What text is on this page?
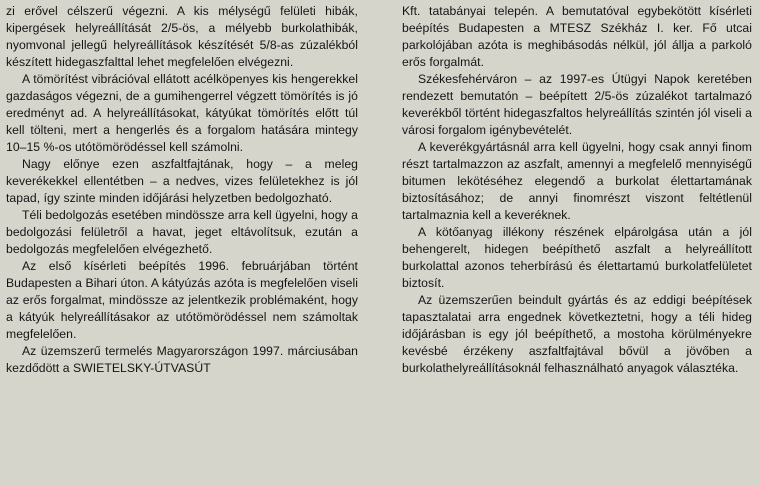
zi erővel célszerű végezni. A kis mélységű felületi hibák, kipergések helyreállítását 2/5-ös, a mélyebb burkolathibák, nyomvonal jellegű helyreállítások készítését 5/8-as zúzalékból készített hidegaszfalttal lehet megfelelően elvégezni.

A tömörítést vibrációval ellátott acélköpenyes kis hengerekkel gazdaságos végezni, de a gumihengerrel végzett tömörítés is jó eredményt ad. A helyreállításokat, kátyúkat tömörítés előtt túl kell tölteni, mert a hengerlés és a forgalom hatására mintegy 10–15 %-os utótömörödéssel kell számolni.

Nagy előnye ezen aszfaltfajtának, hogy – a meleg keverékekkel ellentétben – a nedves, vizes felületekhez is jól tapad, így szinte minden időjárási helyzetben bedolgozható.

Téli bedolgozás esetében mindössze arra kell ügyelni, hogy a bedolgozási felületről a havat, jeget eltávolítsuk, ezután a bedolgozás megfelelően elvégezhető.

Az első kísérleti beépítés 1996. februárjában történt Budapesten a Bihari úton. A kátyúzás azóta is megfelelően viseli az erős forgalmat, mindössze az jelentkezik problémaként, hogy a kátyúk helyreállításakor az utótömörödéssel nem számoltak megfelelően.

Az üzemszerű termelés Magyarországon 1997. márciusában kezdődött a SWIETELSKY-ÚTVASÚT

Kft. tatabányai telepén. A bemutatóval egybekötött kísérleti beépítés Budapesten a MTESZ Székház I. ker. Fő utcai parkolójában azóta is meghibásodás nélkül, jól állja a parkoló erős forgalmát.

Székesfehérváron – az 1997-es Útügyi Napok keretében rendezett bemutatón – beépített 2/5-ös zúzalékot tartalmazó keverékből történt hidegaszfaltos helyreállítás szintén jól viseli a városi forgalom igénybevételét.

A keverékgyártásnál arra kell ügyelni, hogy csak annyi finom részt tartalmazzon az aszfalt, amennyi a megfelelő mennyiségű bitumen lekötéséhez elegendő a burkolat élettartamának biztosításához; de annyi finomrészt viszont feltétlenül tartalmaznia kell a keveréknek.

A kötőanyag illékony részének elpárolgása után a jól behengerelt, hidegen beépíthető aszfalt a helyreállított burkolattal azonos teherbírású és élettartamú burkolatfelületet biztosít.

Az üzemszerűen beindult gyártás és az eddigi beépítések tapasztalatai arra engednek következtetni, hogy a téli hideg időjárásban is egy jól beépíthető, a mostoha körülményekre kevésbé érzékeny aszfaltfajtával bővül a jövőben a burkolathelyreállításoknál felhasználható anyagok választéka.
